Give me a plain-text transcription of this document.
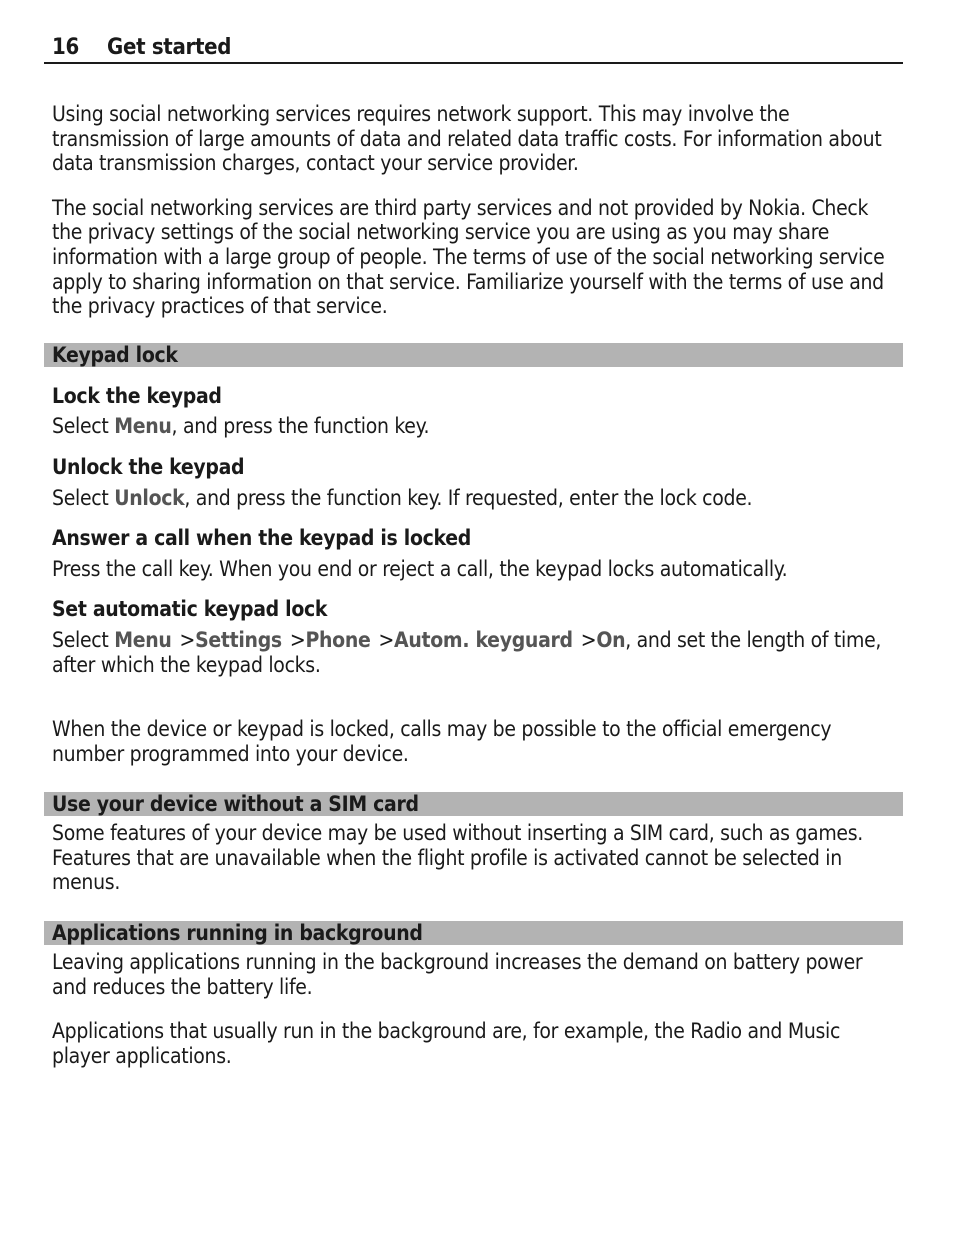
16 Get started

Using social networking services requires network support. This may involve the transmission of large amounts of data and related data traffic costs. For information about data transmission charges, contact your service provider.

The social networking services are third party services and not provided by Nokia. Check the privacy settings of the social networking service you are using as you may share information with a large group of people. The terms of use of the social networking service apply to sharing information on that service. Familiarize yourself with the terms of use and the privacy practices of that service.

Keypad lock
Lock the keypad

Select Menu, and press the function key.

Unlock the keypad

Select Unlock, and press the function key. If requested, enter the lock code.

Answer a call when the keypad is locked

Press the call key. When you end or reject a call, the keypad locks automatically.

Set automatic keypad lock

Select Menu >Settings >Phone >Autom. keyguard >On, and set the length of time, after which the keypad locks.

When the device or keypad is locked, calls may be possible to the official emergency number programmed into your device.

Use your device without a SIM card

Some features of your device may be used without inserting a SIM card, such as games. Features that are unavailable when the flight profile is activated cannot be selected in menus.

Applications running in background

Leaving applications running in the background increases the demand on battery power and reduces the battery life.

Applications that usually run in the background are, for example, the Radio and Music player applications.
